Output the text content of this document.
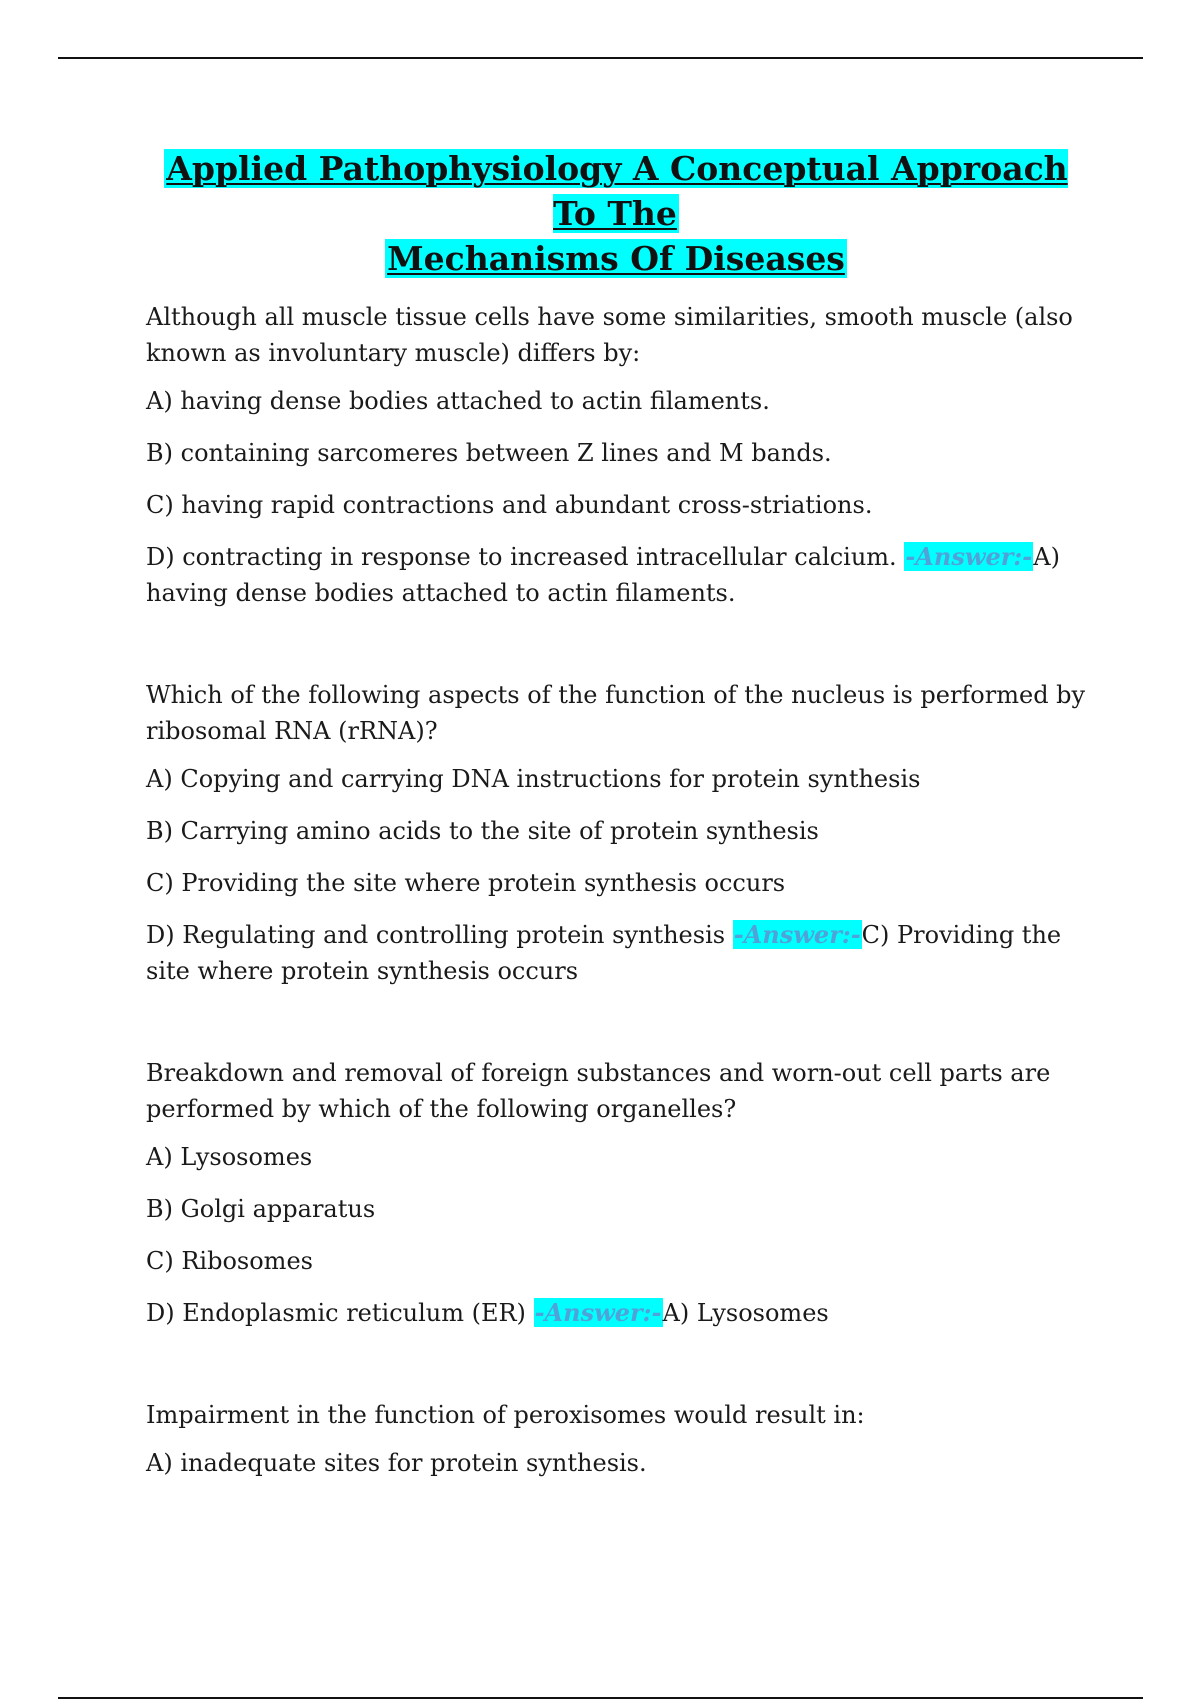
Applied Pathophysiology A Conceptual Approach To The
Mechanisms Of Diseases

Although all muscle tissue cells have some similarities, smooth muscle (also known as involuntary muscle) differs by:

A) having dense bodies attached to actin filaments.

B) containing sarcomeres between Z lines and M bands.

C) having rapid contractions and abundant cross-striations.

D) contracting in response to increased intracellular calcium. -Answer:-A) having dense bodies attached to actin filaments.

Which of the following aspects of the function of the nucleus is performed by ribosomal RNA (rRNA)?

A) Copying and carrying DNA instructions for protein synthesis

B) Carrying amino acids to the site of protein synthesis

C) Providing the site where protein synthesis occurs

D) Regulating and controlling protein synthesis -Answer:-C) Providing the site where protein synthesis occurs

Breakdown and removal of foreign substances and worn-out cell parts are performed by which of the following organelles?

A) Lysosomes

B) Golgi apparatus

C) Ribosomes

D) Endoplasmic reticulum (ER) -Answer:-A) Lysosomes

Impairment in the function of peroxisomes would result in:

A) inadequate sites for protein synthesis.
